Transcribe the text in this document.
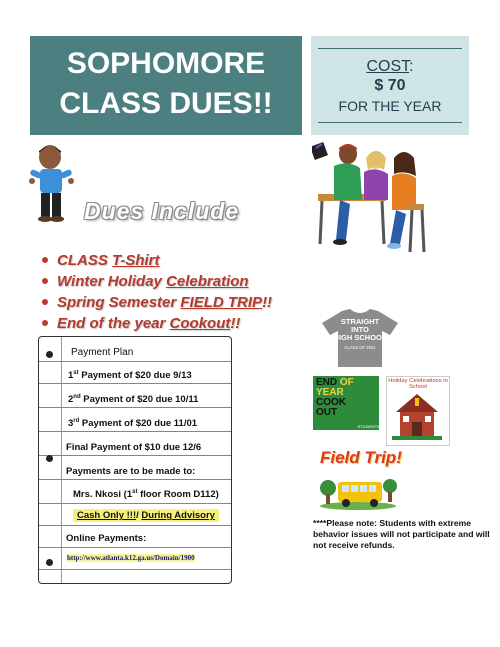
SOPHOMORE
CLASS DUES!!
COST:
$ 70
FOR THE YEAR
Dues Include
CLASS T-Shirt
Winter Holiday Celebration
Spring Semester FIELD TRIP!!
End of the year Cookout!!
Payment Plan
1st Payment of $20 due 9/13
2nd Payment of $20 due 10/11
3rd Payment of $20 due 11/01
Final Payment of $10 due 12/6
Payments are to be made to:
Mrs. Nkosi (1st floor Room D112)
Cash Only !!!/ During Advisory
Online Payments:
http://www.atlanta.k12.ga.us/Domain/1900
STRAIGHT
INTO
HIGH SCHOOL
CLASS OF 2021
END OF
YEAR
COOK
OUT
STUDENTS
Holiday Celebrations in School
Field Trip!
****Please note: Students with extreme behavior issues will not participate and will not receive refunds.
